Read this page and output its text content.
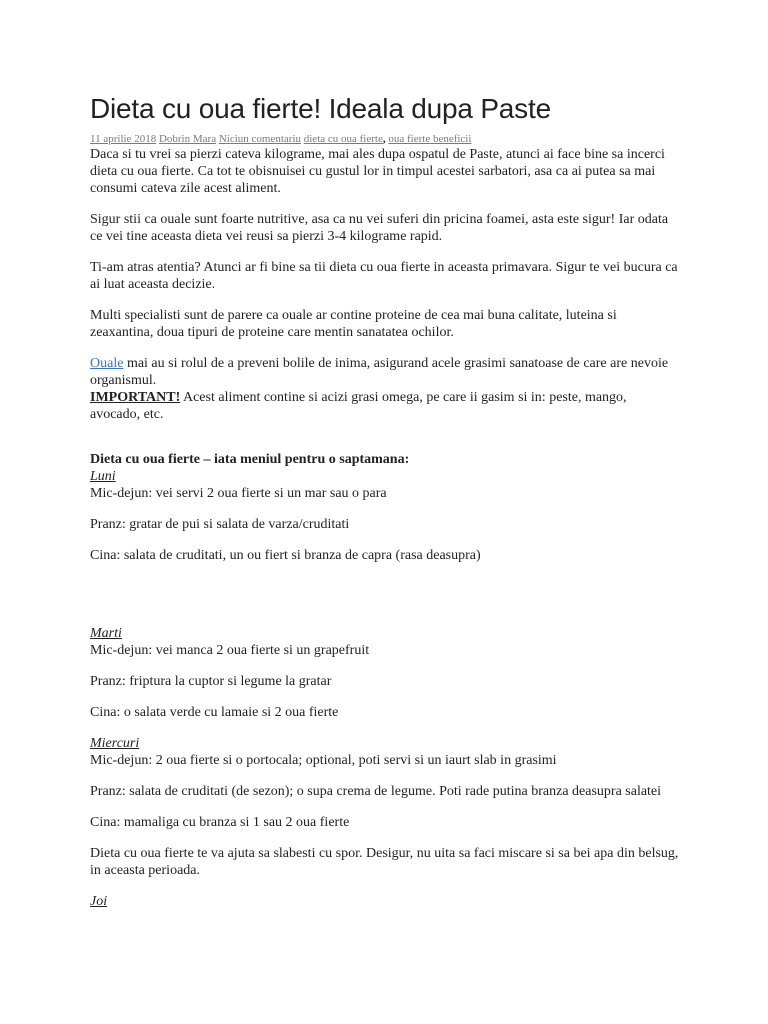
Dieta cu oua fierte! Ideala dupa Paste
11 aprilie 2018 Dobrin Mara Niciun comentariu dieta cu oua fierte, oua fierte beneficii

Daca si tu vrei sa pierzi cateva kilograme, mai ales dupa ospatul de Paste, atunci ai face bine sa incerci dieta cu oua fierte. Ca tot te obisnuisei cu gustul lor in timpul acestei sarbatori, asa ca ai putea sa mai consumi cateva zile acest aliment.

Sigur stii ca ouale sunt foarte nutritive, asa ca nu vei suferi din pricina foamei, asta este sigur! Iar odata ce vei tine aceasta dieta vei reusi sa pierzi 3-4 kilograme rapid.

Ti-am atras atentia? Atunci ar fi bine sa tii dieta cu oua fierte in aceasta primavara. Sigur te vei bucura ca ai luat aceasta decizie.

Multi specialisti sunt de parere ca ouale ar contine proteine de cea mai buna calitate, luteina si zeaxantina, doua tipuri de proteine care mentin sanatatea ochilor.

Ouale mai au si rolul de a preveni bolile de inima, asigurand acele grasimi sanatoase de care are nevoie organismul.

IMPORTANT! Acest aliment contine si acizi grasi omega, pe care ii gasim si in: peste, mango, avocado, etc.

Dieta cu oua fierte – iata meniul pentru o saptamana:

Luni

Mic-dejun: vei servi 2 oua fierte si un mar sau o para

Pranz: gratar de pui si salata de varza/cruditati

Cina: salata de cruditati, un ou fiert si branza de capra (rasa deasupra)

Marti

Mic-dejun: vei manca 2 oua fierte si un grapefruit

Pranz: friptura la cuptor si legume la gratar

Cina: o salata verde cu lamaie si 2 oua fierte

Miercuri

Mic-dejun: 2 oua fierte si o portocala; optional, poti servi si un iaurt slab in grasimi

Pranz: salata de cruditati (de sezon); o supa crema de legume. Poti rade putina branza deasupra salatei

Cina: mamaliga cu branza si 1 sau 2 oua fierte

Dieta cu oua fierte te va ajuta sa slabesti cu spor. Desigur, nu uita sa faci miscare si sa bei apa din belsug, in aceasta perioada.

Joi
